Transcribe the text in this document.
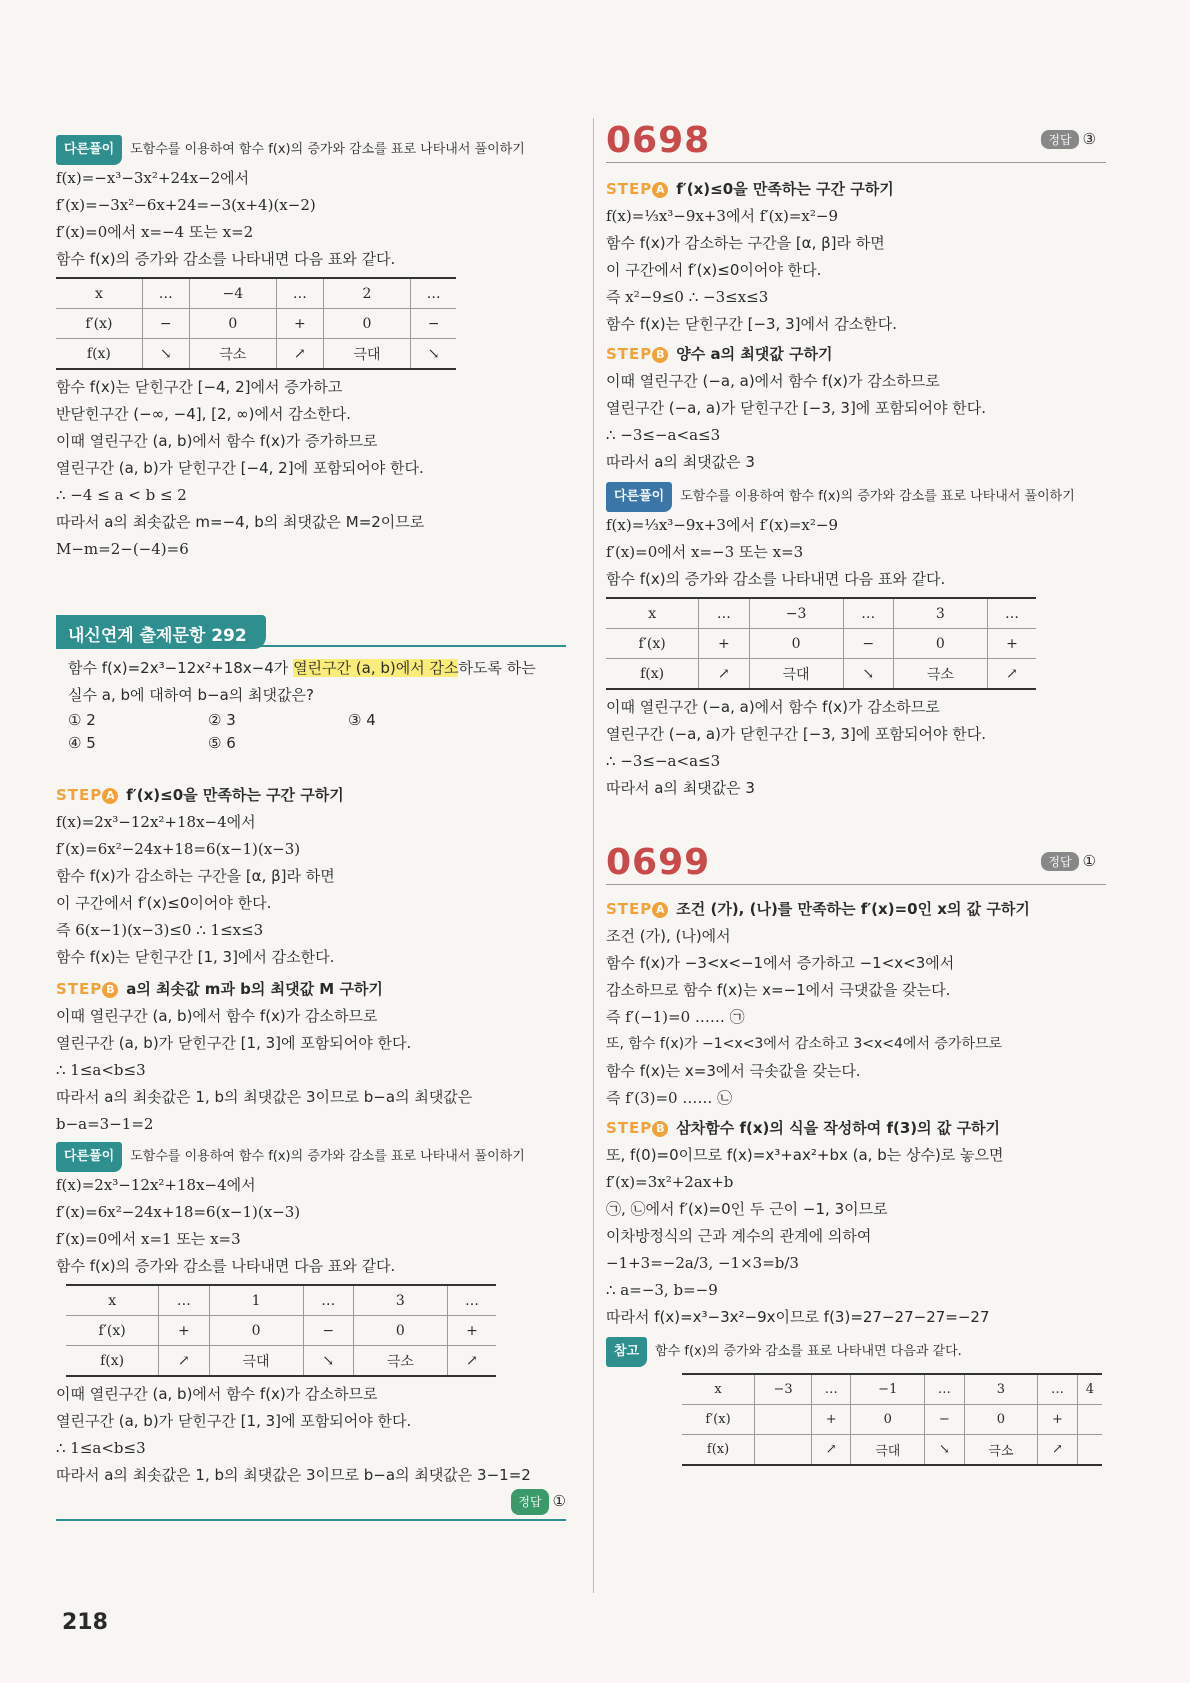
다른풀이 도함수를 이용하여 함수 f(x)의 증가와 감소를 표로 나타내서 풀이하기
f(x)=−x³−3x²+24x−2에서
f′(x)=−3x²−6x+24=−3(x+4)(x−2)
f′(x)=0에서 x=−4 또는 x=2
함수 f(x)의 증가와 감소를 나타내면 다음 표와 같다.
x	…	−4	…	2	…
f′(x)	−	0	+	0	−
f(x)	↘	극소	↗	극대	↘
함수 f(x)는 닫힌구간 [−4, 2]에서 증가하고
반닫힌구간 (−∞, −4], [2, ∞)에서 감소한다.
이때 열린구간 (a, b)에서 함수 f(x)가 증가하므로
열린구간 (a, b)가 닫힌구간 [−4, 2]에 포함되어야 한다.
∴ −4 ≤ a < b ≤ 2
따라서 a의 최솟값은 m=−4, b의 최댓값은 M=2이므로
M−m=2−(−4)=6
내신연계 출제문항 292
함수 f(x)=2x³−12x²+18x−4가 열린구간 (a, b)에서 감소하도록 하는
실수 a, b에 대하여 b−a의 최댓값은?
① 2	② 3	③ 4
④ 5	⑤ 6
STEP A f′(x)≤0을 만족하는 구간 구하기
f(x)=2x³−12x²+18x−4에서
f′(x)=6x²−24x+18=6(x−1)(x−3)
함수 f(x)가 감소하는 구간을 [α, β]라 하면
이 구간에서 f′(x)≤0이어야 한다.
즉 6(x−1)(x−3)≤0 ∴ 1≤x≤3
함수 f(x)는 닫힌구간 [1, 3]에서 감소한다.
STEP B a의 최솟값 m과 b의 최댓값 M 구하기
이때 열린구간 (a, b)에서 함수 f(x)가 감소하므로
열린구간 (a, b)가 닫힌구간 [1, 3]에 포함되어야 한다.
∴ 1≤a<b≤3
따라서 a의 최솟값은 1, b의 최댓값은 3이므로 b−a의 최댓값은
b−a=3−1=2
다른풀이 도함수를 이용하여 함수 f(x)의 증가와 감소를 표로 나타내서 풀이하기
f(x)=2x³−12x²+18x−4에서
f′(x)=6x²−24x+18=6(x−1)(x−3)
f′(x)=0에서 x=1 또는 x=3
함수 f(x)의 증가와 감소를 나타내면 다음 표와 같다.
x	…	1	…	3	…
f′(x)	+	0	−	0	+
f(x)	↗	극대	↘	극소	↗
이때 열린구간 (a, b)에서 함수 f(x)가 감소하므로
열린구간 (a, b)가 닫힌구간 [1, 3]에 포함되어야 한다.
∴ 1≤a<b≤3
따라서 a의 최솟값은 1, b의 최댓값은 3이므로 b−a의 최댓값은 3−1=2
정답 ①
218
0698	정답 ③
STEP A f′(x)≤0을 만족하는 구간 구하기
f(x)=⅓x³−9x+3에서 f′(x)=x²−9
함수 f(x)가 감소하는 구간을 [α, β]라 하면
이 구간에서 f′(x)≤0이어야 한다.
즉 x²−9≤0 ∴ −3≤x≤3
함수 f(x)는 닫힌구간 [−3, 3]에서 감소한다.
STEP B 양수 a의 최댓값 구하기
이때 열린구간 (−a, a)에서 함수 f(x)가 감소하므로
열린구간 (−a, a)가 닫힌구간 [−3, 3]에 포함되어야 한다.
∴ −3≤−a<a≤3
따라서 a의 최댓값은 3
다른풀이 도함수를 이용하여 함수 f(x)의 증가와 감소를 표로 나타내서 풀이하기
f(x)=⅓x³−9x+3에서 f′(x)=x²−9
f′(x)=0에서 x=−3 또는 x=3
함수 f(x)의 증가와 감소를 나타내면 다음 표와 같다.
x	…	−3	…	3	…
f′(x)	+	0	−	0	+
f(x)	↗	극대	↘	극소	↗
이때 열린구간 (−a, a)에서 함수 f(x)가 감소하므로
열린구간 (−a, a)가 닫힌구간 [−3, 3]에 포함되어야 한다.
∴ −3≤−a<a≤3
따라서 a의 최댓값은 3
0699	정답 ①
STEP A 조건 (가), (나)를 만족하는 f′(x)=0인 x의 값 구하기
조건 (가), (나)에서
함수 f(x)가 −3<x<−1에서 증가하고 −1<x<3에서
감소하므로 함수 f(x)는 x=−1에서 극댓값을 갖는다.
즉 f′(−1)=0 …… ㉠
또, 함수 f(x)가 −1<x<3에서 감소하고 3<x<4에서 증가하므로
함수 f(x)는 x=3에서 극솟값을 갖는다.
즉 f′(3)=0 …… ㉡
STEP B 삼차함수 f(x)의 식을 작성하여 f(3)의 값 구하기
또, f(0)=0이므로 f(x)=x³+ax²+bx (a, b는 상수)로 놓으면
f′(x)=3x²+2ax+b
㉠, ㉡에서 f′(x)=0인 두 근이 −1, 3이므로
이차방정식의 근과 계수의 관계에 의하여
−1+3=−2a/3, −1×3=b/3
∴ a=−3, b=−9
따라서 f(x)=x³−3x²−9x이므로 f(3)=27−27−27=−27
참고 함수 f(x)의 증가와 감소를 표로 나타내면 다음과 같다.
x	−3	…	−1	…	3	…	4
f′(x)		+	0	−	0	+	
f(x)		↗	극대	↘	극소	↗	
